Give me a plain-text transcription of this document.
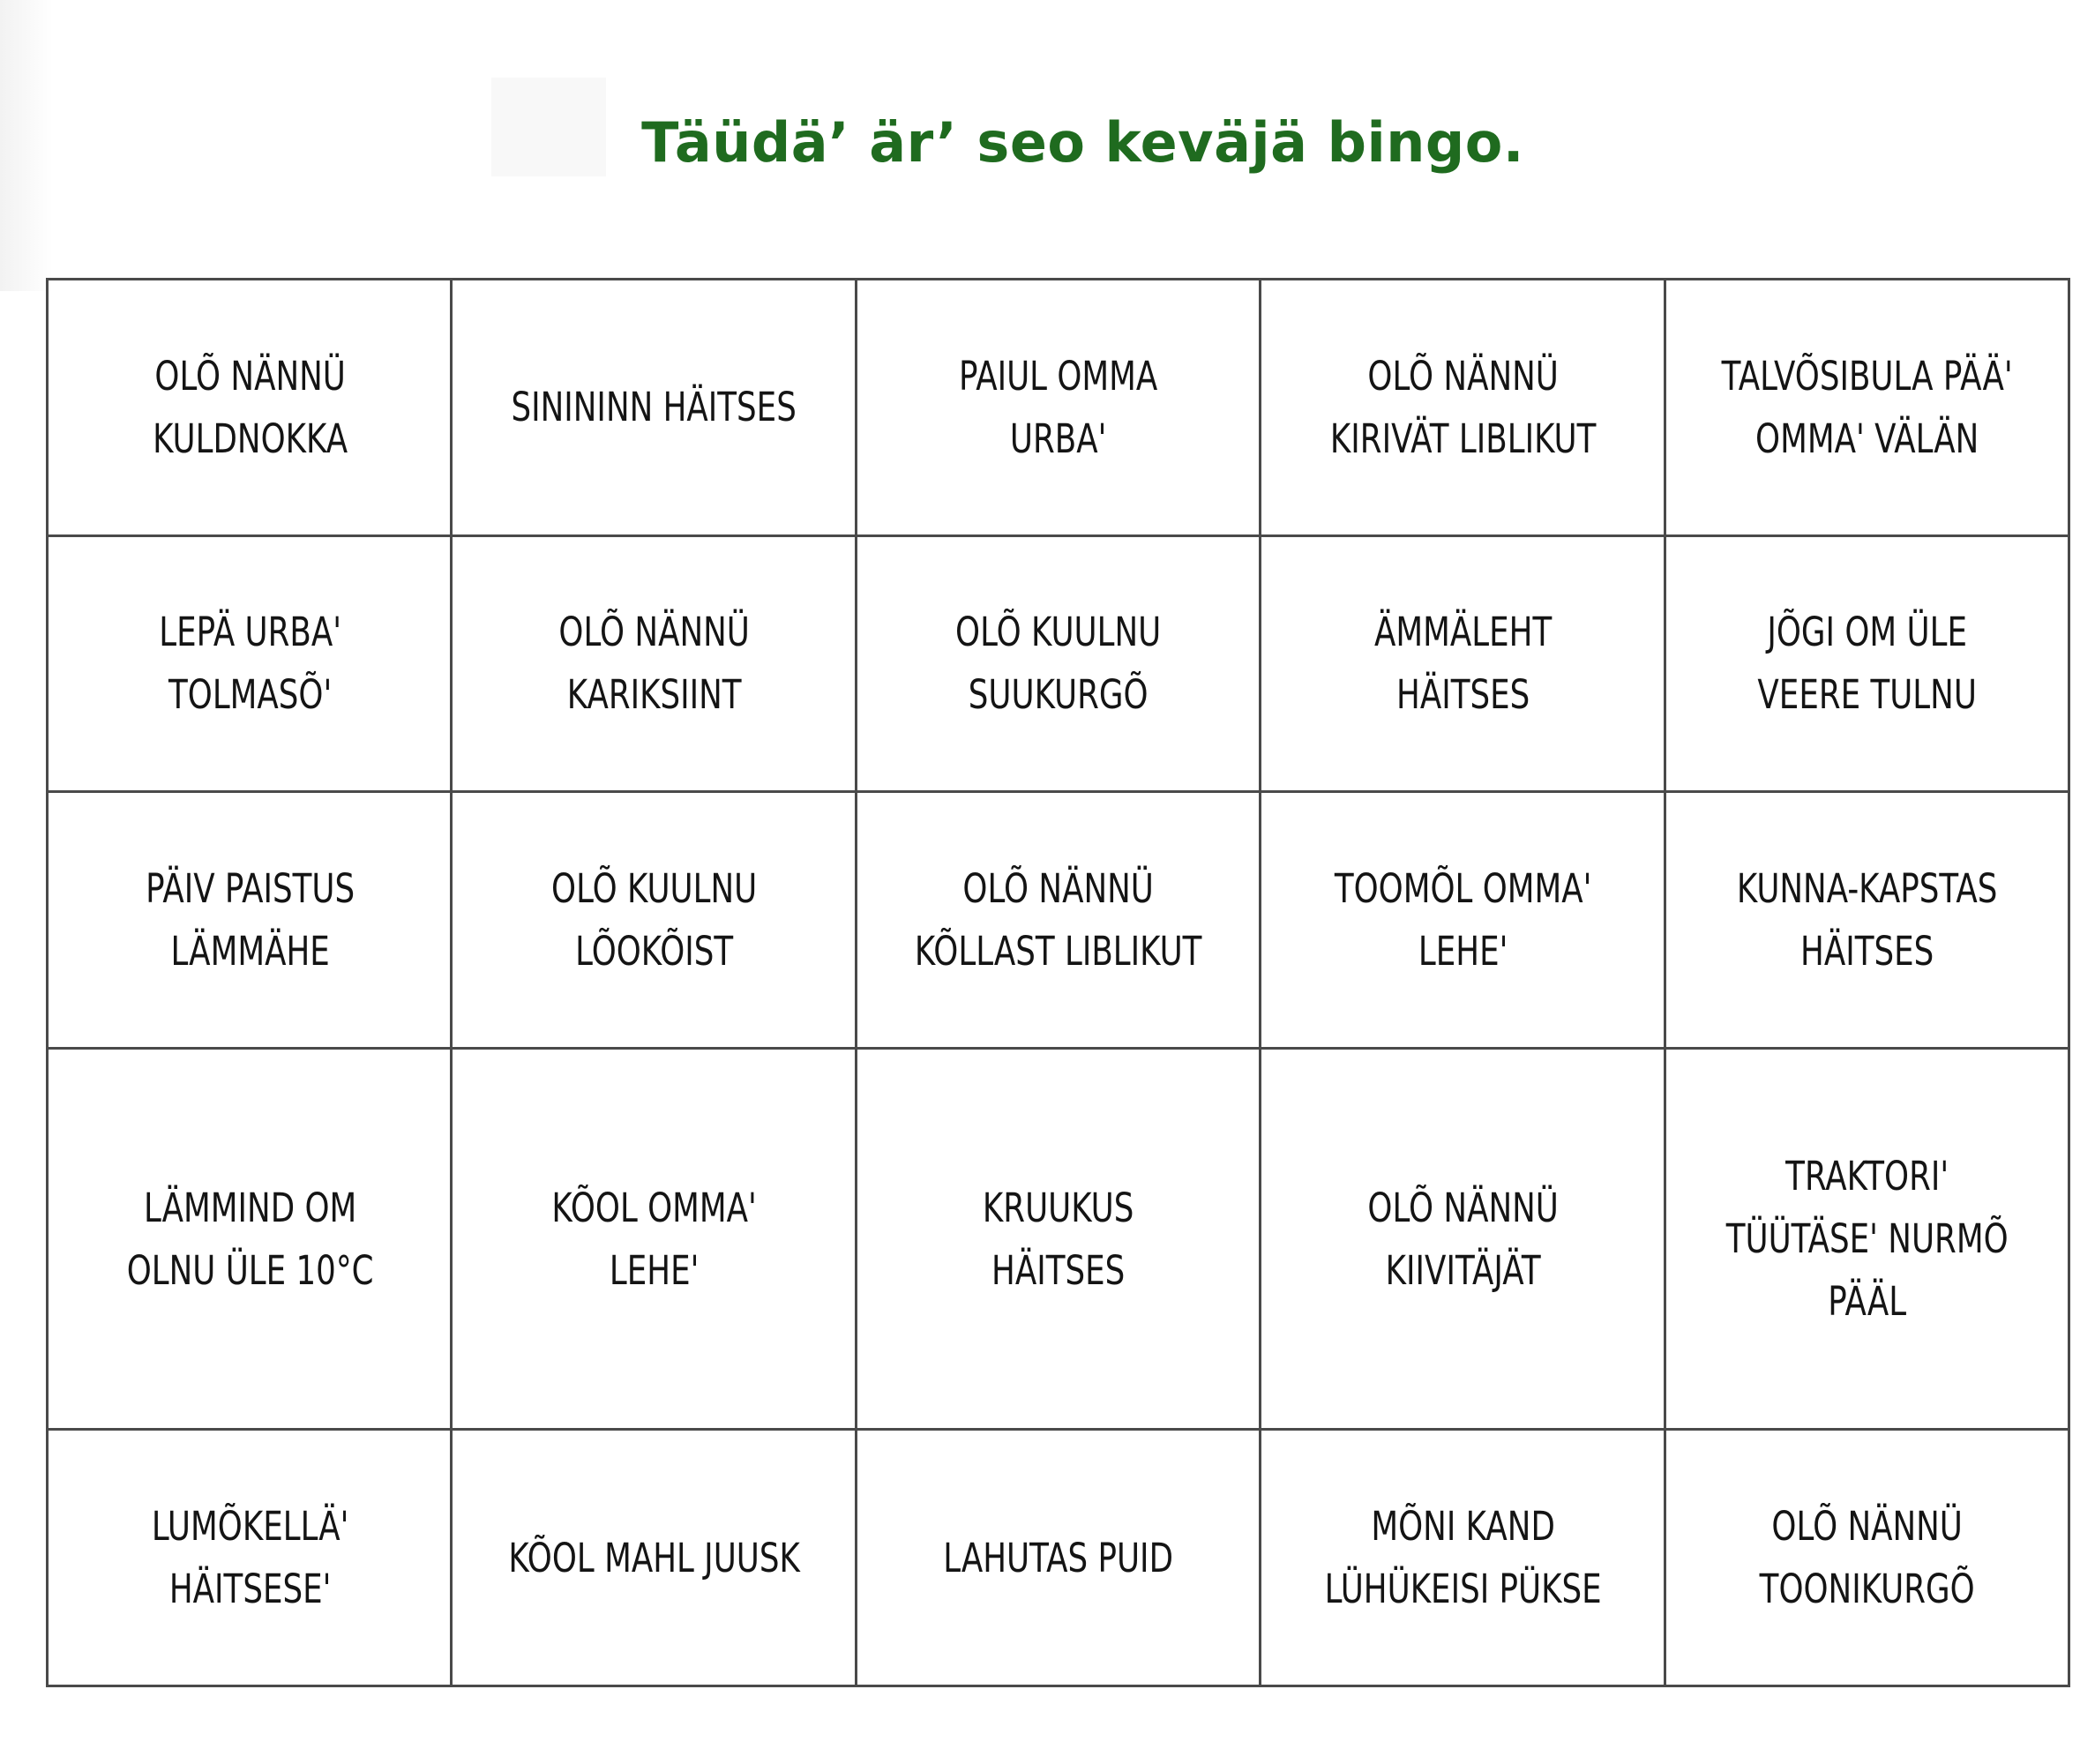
Täüdä’ är’ seo keväjä bingo.
OLÕ NÄNNÜ KULDNOKKA	SINININN HÄITSES	PAIUL OMMA URBA'	OLÕ NÄNNÜ KIRIVÄT LIBLIKUT	TALVÕSIBULA PÄÄ' OMMA' VÄLÄN
LEPÄ URBA' TOLMASÕ'	OLÕ NÄNNÜ KARIKSIINT	OLÕ KUULNU SUUKURGÕ	ÄMMÄLEHT HÄITSES	JÕGI OM ÜLE VEERE TULNU
PÄIV PAISTUS LÄMMÄHE	OLÕ KUULNU LÕOKÕIST	OLÕ NÄNNÜ KÕLLAST LIBLIKUT	TOOMÕL OMMA' LEHE'	KUNNA-KAPSTAS HÄITSES
LÄMMIND OM OLNU ÜLE 10°C	KÕOL OMMA' LEHE'	KRUUKUS HÄITSES	OLÕ NÄNNÜ KIIVITÄJÄT	TRAKTORI' TÜÜTÄSE' NURMÕ PÄÄL
LUMÕKELLÄ' HÄITSESE'	KÕOL MAHL JUUSK	LAHUTAS PUID	MÕNI KAND LÜHÜKEISI PÜKSE	OLÕ NÄNNÜ TOONIKURGÕ
